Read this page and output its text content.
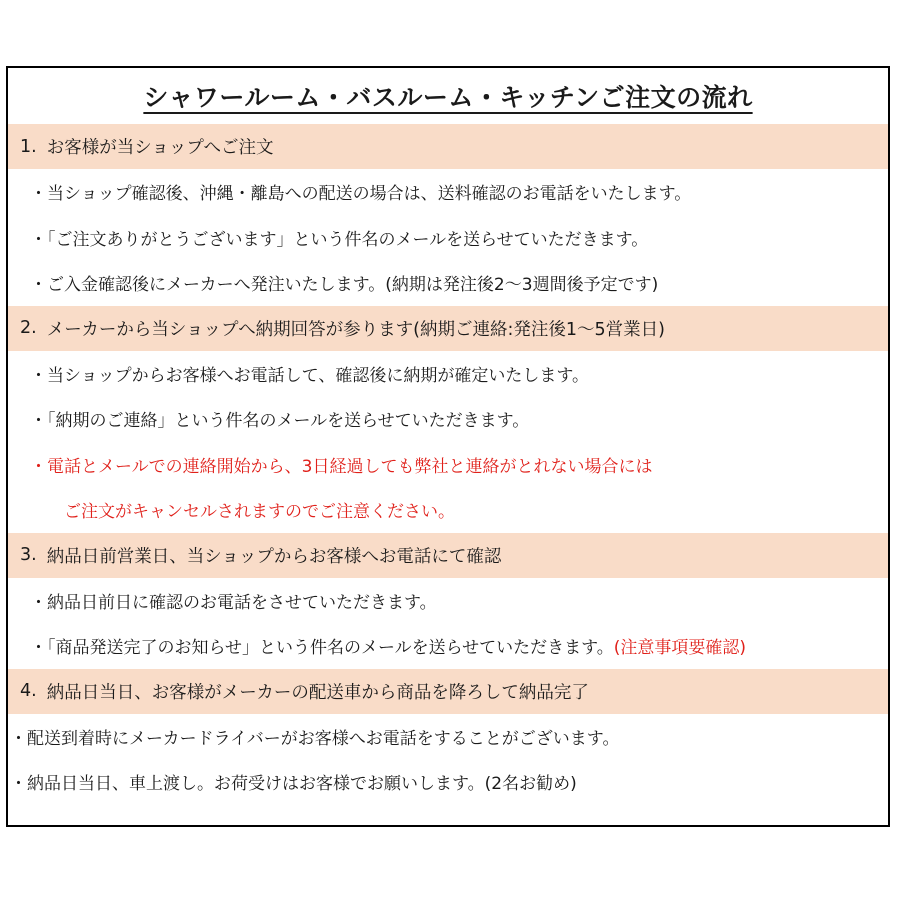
シャワールーム・バスルーム・キッチンご注文の流れ
1. お客様が当ショップへご注文
・当ショップ確認後、沖縄・離島への配送の場合は、送料確認のお電話をいたします。
・「ご注文ありがとうございます」という件名のメールを送らせていただきます。
・ご入金確認後にメーカーへ発注いたします。(納期は発注後2～3週間後予定です)
2. メーカーから当ショップへ納期回答が参ります(納期ご連絡:発注後1～5営業日)
・当ショップからお客様へお電話して、確認後に納期が確定いたします。
・「納期のご連絡」という件名のメールを送らせていただきます。
・電話とメールでの連絡開始から、3日経過しても弊社と連絡がとれない場合には
ご注文がキャンセルされますのでご注意ください。
3. 納品日前営業日、当ショップからお客様へお電話にて確認
・納品日前日に確認のお電話をさせていただきます。
・「商品発送完了のお知らせ」という件名のメールを送らせていただきます。 (注意事項要確認)
4. 納品日当日、お客様がメーカーの配送車から商品を降ろして納品完了
・配送到着時にメーカードライバーがお客様へお電話をすることがございます。
・納品日当日、車上渡し。お荷受けはお客様でお願いします。(2名お勧め)
